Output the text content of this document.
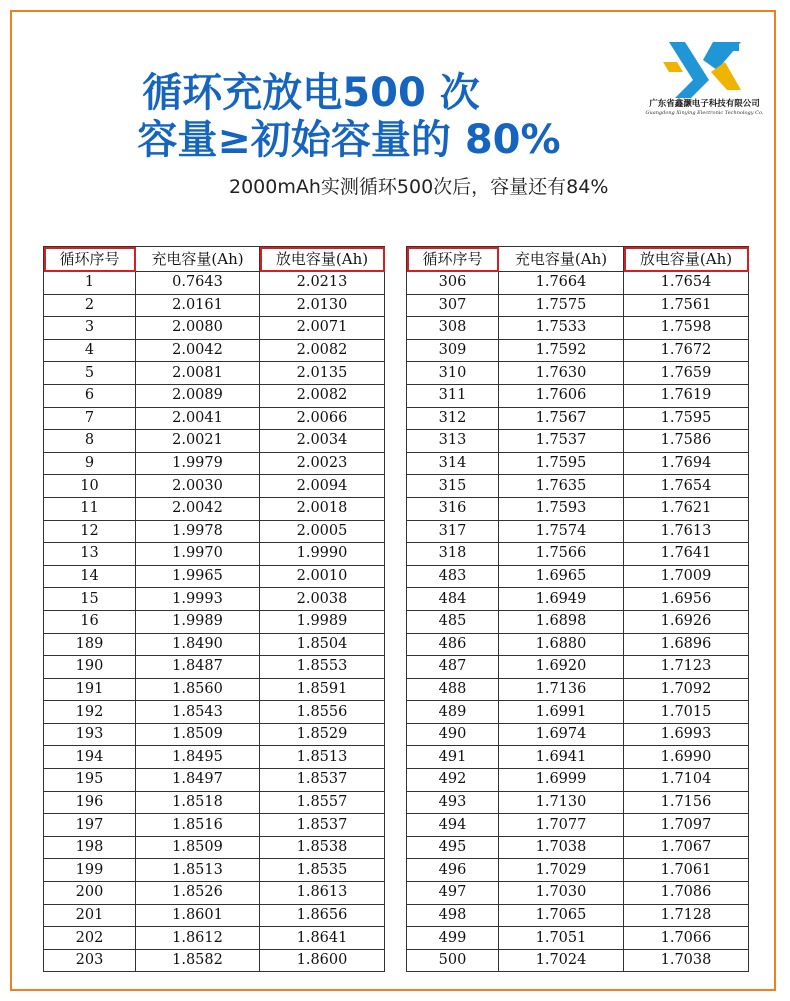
循环充放电500 次
容量≥初始容量的 80%
2000mAh实测循环500次后，容量还有84%
广东省鑫灏电子科技有限公司
Guangdong Xinying Electronic Technology Co.
循环序号	充电容量(Ah)	放电容量(Ah)
1	0.7643	2.0213
2	2.0161	2.0130
3	2.0080	2.0071
4	2.0042	2.0082
5	2.0081	2.0135
6	2.0089	2.0082
7	2.0041	2.0066
8	2.0021	2.0034
9	1.9979	2.0023
10	2.0030	2.0094
11	2.0042	2.0018
12	1.9978	2.0005
13	1.9970	1.9990
14	1.9965	2.0010
15	1.9993	2.0038
16	1.9989	1.9989
189	1.8490	1.8504
190	1.8487	1.8553
191	1.8560	1.8591
192	1.8543	1.8556
193	1.8509	1.8529
194	1.8495	1.8513
195	1.8497	1.8537
196	1.8518	1.8557
197	1.8516	1.8537
198	1.8509	1.8538
199	1.8513	1.8535
200	1.8526	1.8613
201	1.8601	1.8656
202	1.8612	1.8641
203	1.8582	1.8600
循环序号	充电容量(Ah)	放电容量(Ah)
306	1.7664	1.7654
307	1.7575	1.7561
308	1.7533	1.7598
309	1.7592	1.7672
310	1.7630	1.7659
311	1.7606	1.7619
312	1.7567	1.7595
313	1.7537	1.7586
314	1.7595	1.7694
315	1.7635	1.7654
316	1.7593	1.7621
317	1.7574	1.7613
318	1.7566	1.7641
483	1.6965	1.7009
484	1.6949	1.6956
485	1.6898	1.6926
486	1.6880	1.6896
487	1.6920	1.7123
488	1.7136	1.7092
489	1.6991	1.7015
490	1.6974	1.6993
491	1.6941	1.6990
492	1.6999	1.7104
493	1.7130	1.7156
494	1.7077	1.7097
495	1.7038	1.7067
496	1.7029	1.7061
497	1.7030	1.7086
498	1.7065	1.7128
499	1.7051	1.7066
500	1.7024	1.7038
